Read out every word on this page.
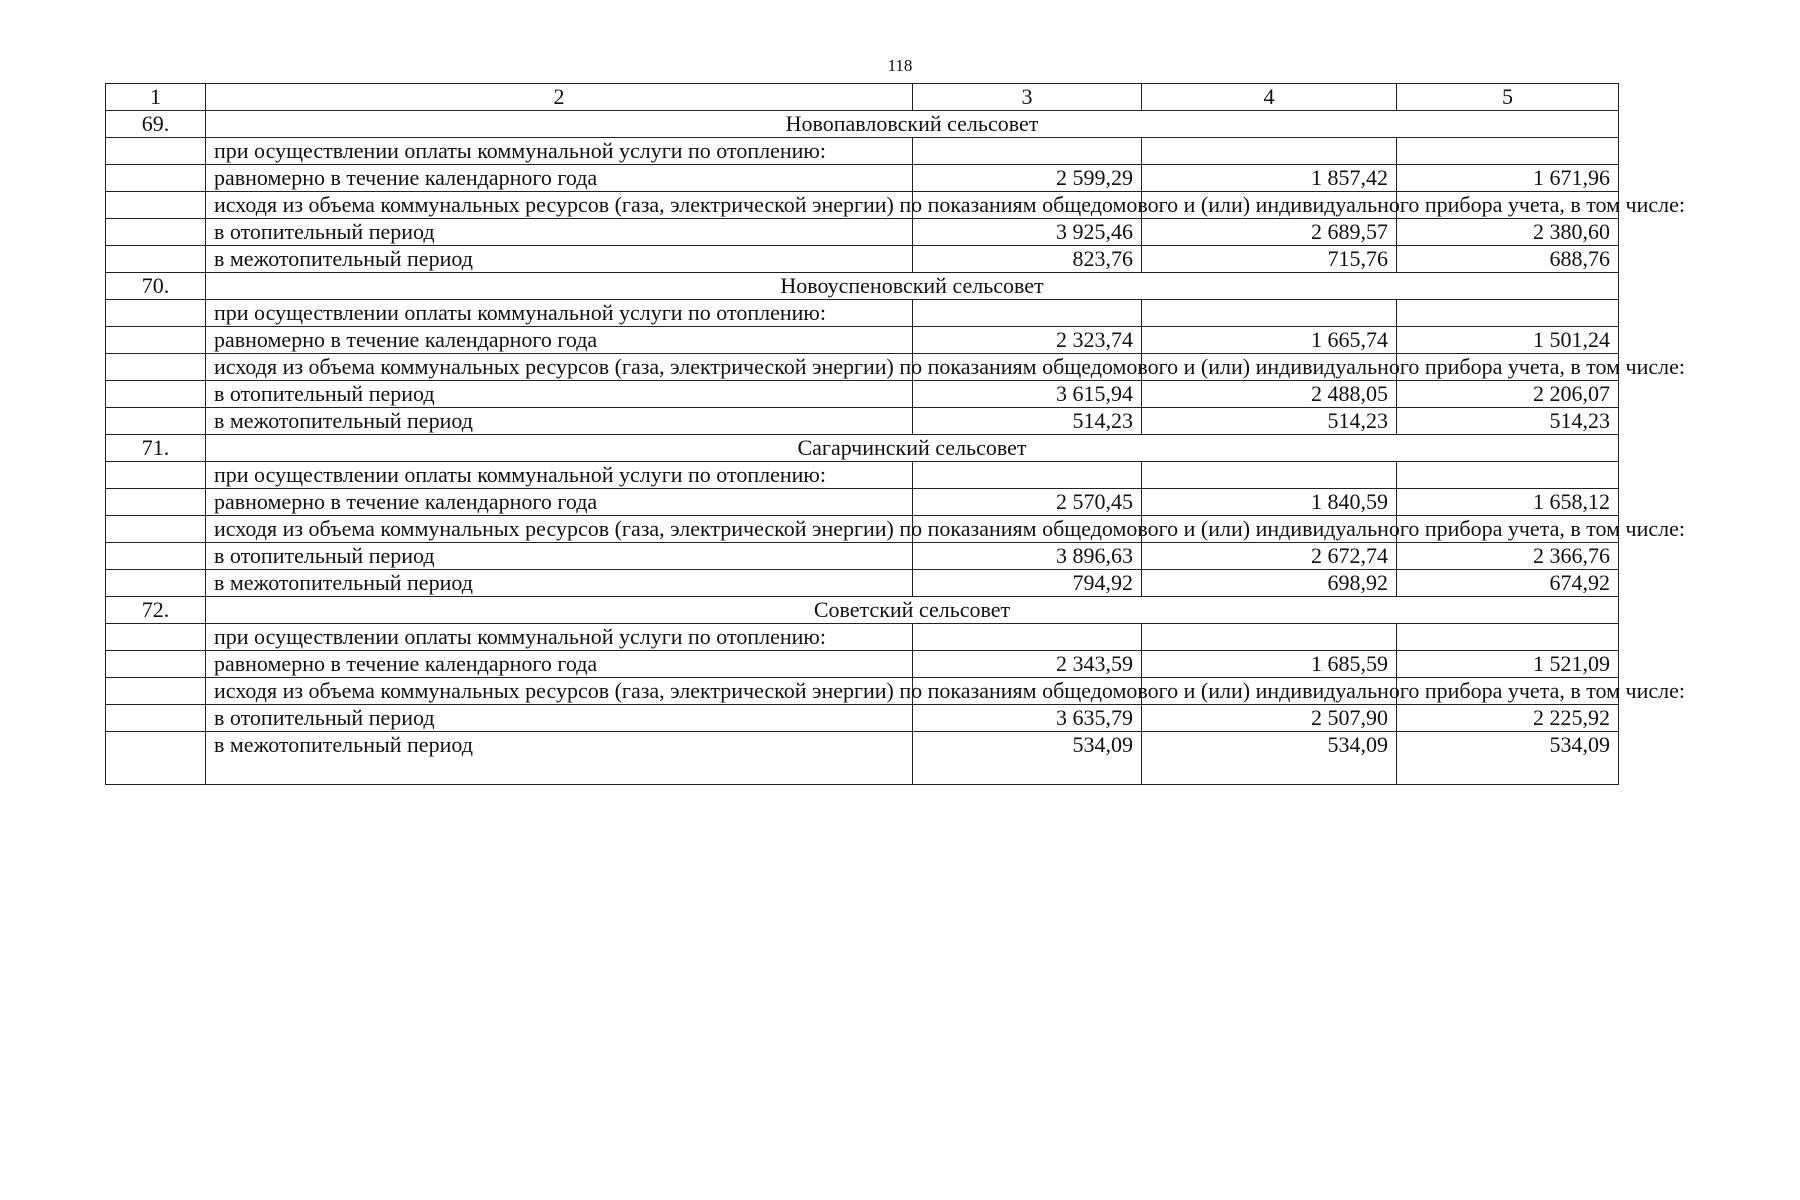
118
1	2	3	4	5
69.	Новопавловский сельсовет			
	при осуществлении оплаты коммунальной услуги по отоплению:			
	равномерно в течение календарного года	2 599,29	1 857,42	1 671,96
	исходя из объема коммунальных ресурсов (газа, электрической энергии) по показаниям общедомового и (или) индивидуального прибора учета, в том числе:			
	в отопительный период	3 925,46	2 689,57	2 380,60
	в межотопительный период	823,76	715,76	688,76
70.	Новоуспеновский сельсовет			
	при осуществлении оплаты коммунальной услуги по отоплению:			
	равномерно в течение календарного года	2 323,74	1 665,74	1 501,24
	исходя из объема коммунальных ресурсов (газа, электрической энергии) по показаниям общедомового и (или) индивидуального прибора учета, в том числе:			
	в отопительный период	3 615,94	2 488,05	2 206,07
	в межотопительный период	514,23	514,23	514,23
71.	Сагарчинский сельсовет			
	при осуществлении оплаты коммунальной услуги по отоплению:			
	равномерно в течение календарного года	2 570,45	1 840,59	1 658,12
	исходя из объема коммунальных ресурсов (газа, электрической энергии) по показаниям общедомового и (или) индивидуального прибора учета, в том числе:			
	в отопительный период	3 896,63	2 672,74	2 366,76
	в межотопительный период	794,92	698,92	674,92
72.	Советский сельсовет			
	при осуществлении оплаты коммунальной услуги по отоплению:			
	равномерно в течение календарного года	2 343,59	1 685,59	1 521,09
	исходя из объема коммунальных ресурсов (газа, электрической энергии) по показаниям общедомового и (или) индивидуального прибора учета, в том числе:			
	в отопительный период	3 635,79	2 507,90	2 225,92
	в межотопительный период	534,09	534,09	534,09
